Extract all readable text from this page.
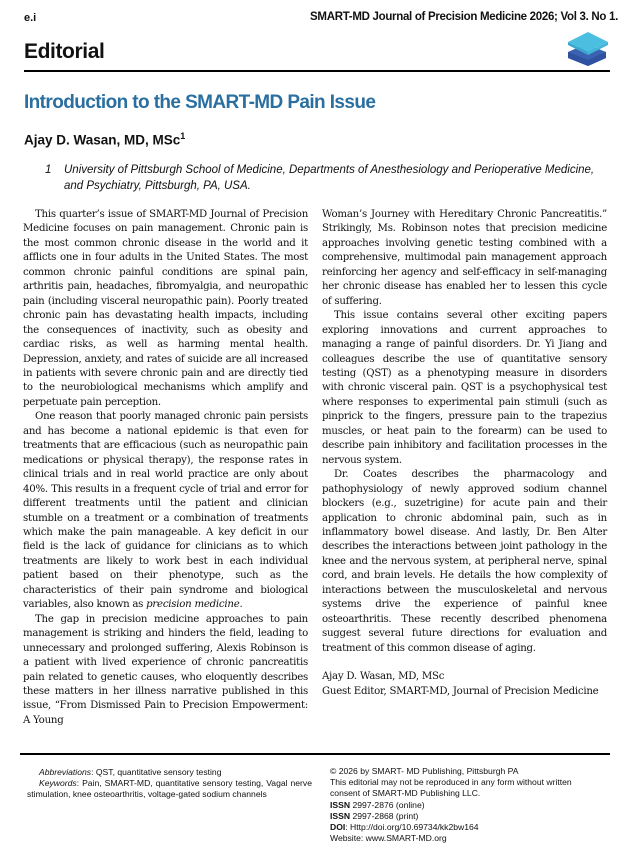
e.i	SMART-MD Journal of Precision Medicine 2026; Vol 3. No 1.
Editorial
Introduction to the SMART-MD Pain Issue
Ajay D. Wasan, MD, MSc$^1$
1 University of Pittsburgh School of Medicine, Departments of Anesthesiology and Perioperative Medicine, and Psychiatry, Pittsburgh, PA, USA.

This quarter’s issue of SMART-MD Journal of Precision Medicine focuses on pain management. Chronic pain is the most common chronic disease in the world and it afflicts one in four adults in the United States. The most common chronic painful conditions are spinal pain, arthritis pain, headaches, fibromyalgia, and neuropathic pain (including visceral neuropathic pain). Poorly treated chronic pain has devastating health impacts, including the consequences of inactivity, such as obesity and cardiac risks, as well as harming mental health. Depression, anxiety, and rates of suicide are all increased in patients with severe chronic pain and are directly tied to the neurobiological mechanisms which amplify and perpetuate pain perception.

One reason that poorly managed chronic pain persists and has become a national epidemic is that even for treatments that are efficacious (such as neuropathic pain medications or physical therapy), the response rates in clinical trials and in real world practice are only about 40%. This results in a frequent cycle of trial and error for different treatments until the patient and clinician stumble on a treatment or a combination of treatments which make the pain manageable. A key deficit in our field is the lack of guidance for clinicians as to which treatments are likely to work best in each individual patient based on their phenotype, such as the characteristics of their pain syndrome and biological variables, also known as precision medicine.

The gap in precision medicine approaches to pain management is striking and hinders the field, leading to unnecessary and prolonged suffering, Alexis Robinson is a patient with lived experience of chronic pancreatitis pain related to genetic causes, who eloquently describes these matters in her illness narrative published in this issue, “From Dismissed Pain to Precision Empowerment: A Young

Woman’s Journey with Hereditary Chronic Pancreatitis.” Strikingly, Ms. Robinson notes that precision medicine approaches involving genetic testing combined with a comprehensive, multimodal pain management approach reinforcing her agency and self-efficacy in self-managing her chronic disease has enabled her to lessen this cycle of suffering.

This issue contains several other exciting papers exploring innovations and current approaches to managing a range of painful disorders. Dr. Yi Jiang and colleagues describe the use of quantitative sensory testing (QST) as a phenotyping measure in disorders with chronic visceral pain. QST is a psychophysical test where responses to experimental pain stimuli (such as pinprick to the fingers, pressure pain to the trapezius muscles, or heat pain to the forearm) can be used to describe pain inhibitory and facilitation processes in the nervous system.

Dr. Coates describes the pharmacology and pathophysiology of newly approved sodium channel blockers (e.g., suzetrigine) for acute pain and their application to chronic abdominal pain, such as in inflammatory bowel disease. And lastly, Dr. Ben Alter describes the interactions between joint pathology in the knee and the nervous system, at peripheral nerve, spinal cord, and brain levels. He details the how complexity of interactions between the musculoskeletal and nervous systems drive the experience of painful knee osteoarthritis. These recently described phenomena suggest several future directions for evaluation and treatment of this common disease of aging.

Ajay D. Wasan, MD, MSc
Guest Editor, SMART-MD, Journal of Precision Medicine

Abbreviations: QST, quantitative sensory testing

Keywords: Pain, SMART-MD, quantitative sensory testing, Vagal nerve stimulation, knee osteoarthritis, voltage-gated sodium channels

© 2026 by SMART- MD Publishing, Pittsburgh PA
This editorial may not be reproduced in any form without written
consent of SMART-MD Publishing LLC.
ISSN 2997-2876 (online)
ISSN 2997-2868 (print)
DOI: Http://doi.org/10.69734/kk2bw164
Website: www.SMART-MD.org
